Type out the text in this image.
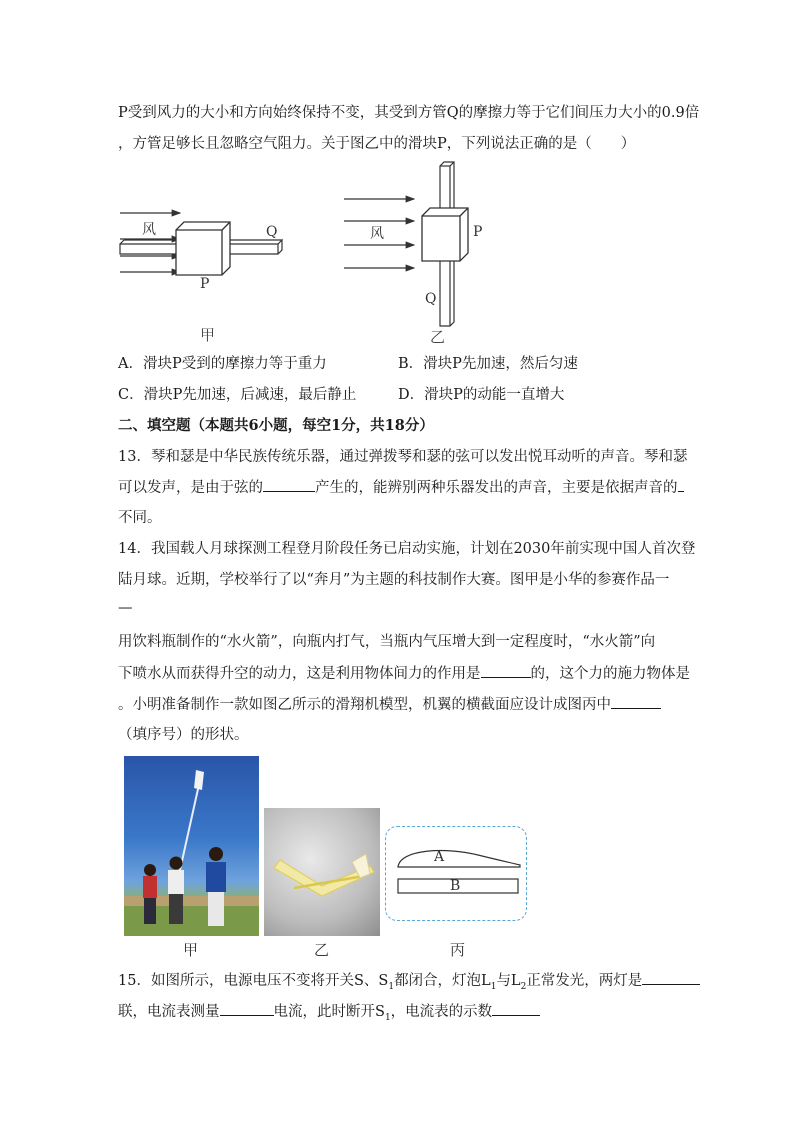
P受到风力的大小和方向始终保持不变，其受到方管Q的摩擦力等于它们间压力大小的0.9倍
，方管足够长且忽略空气阻力。关于图乙中的滑块P，下列说法正确的是（　　）
风	Q
P
甲
风	P
Q
乙
A．滑块P受到的摩擦力等于重力	B．滑块P先加速，然后匀速
C．滑块P先加速，后减速，最后静止	D．滑块P的动能一直增大
二、填空题（本题共6小题，每空1分，共18分）
13．琴和瑟是中华民族传统乐器，通过弹拨琴和瑟的弦可以发出悦耳动听的声音。琴和瑟
可以发声，是由于弦的	产生的，能辨别两种乐器发出的声音，主要是依据声音的
不同。
14．我国载人月球探测工程登月阶段任务已启动实施，计划在2030年前实现中国人首次登
陆月球。近期，学校举行了以“奔月”为主题的科技制作大赛。图甲是小华的参赛作品一
—
用饮料瓶制作的“水火箭”，向瓶内打气，当瓶内气压增大到一定程度时，“水火箭”向
下喷水从而获得升空的动力，这是利用物体间力的作用是	的，这个力的施力物体是
。小明准备制作一款如图乙所示的滑翔机模型，机翼的横截面应设计成图丙中
（填序号）的形状。
A
B
甲	乙	丙
15．如图所示，电源电压不变将开关S、$S_1$都闭合，灯泡$L_1$与$L_2$正常发光，两灯是
联，电流表测量	电流，此时断开$S_1$，电流表的示数
